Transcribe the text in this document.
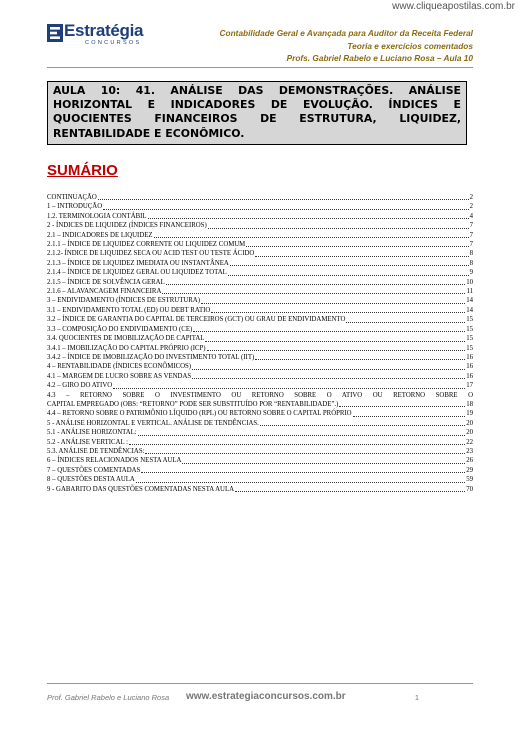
www.cliqueapostilas.com.br
Estratégia
CONCURSOS
Contabilidade Geral e Avançada para Auditor da Receita Federal
Teoria e exercícios comentados
Profs. Gabriel Rabelo e Luciano Rosa – Aula 10
AULA 10: 41. ANÁLISE DAS DEMONSTRAÇÕES. ANÁLISE HORIZONTAL E INDICADORES DE EVOLUÇÃO. ÍNDICES E QUOCIENTES FINANCEIROS DE ESTRUTURA, LIQUIDEZ, RENTABILIDADE E ECONÔMICO.
SUMÁRIO
CONTINUAÇÃO	2
1 – INTRODUÇÃO	2
1.2. TERMINOLOGIA CONTÁBIL	4
2 - ÍNDICES DE LIQUIDEZ (ÍNDICES FINANCEIROS)	7
2.1 – INDICADORES DE LIQUIDEZ	7
2.1.1 – ÍNDICE DE LIQUIDEZ CORRENTE OU LIQUIDEZ COMUM	7
2.1.2- ÍNDICE DE LIQUIDEZ SECA OU ACID TEST OU TESTE ÁCIDO	8
2.1.3 – ÍNDICE DE LIQUIDEZ IMEDIATA OU INSTANTÂNEA	8
2.1.4 – ÍNDICE DE LIQUIDEZ GERAL OU LIQUIDEZ TOTAL	9
2.1.5 – ÍNDICE DE SOLVÊNCIA GERAL	10
2.1.6 – ALAVANCAGEM FINANCEIRA	11
3 – ENDIVIDAMENTO (ÍNDICES DE ESTRUTURA)	14
3.1 – ENDIVIDAMENTO TOTAL (ED) OU DEBT RATIO	14
3.2 – ÍNDICE DE GARANTIA DO CAPITAL DE TERCEIROS (GCT) OU GRAU DE ENDIVIDAMENTO	15
3.3 – COMPOSIÇÃO DO ENDIVIDAMENTO (CE)	15
3.4. QUOCIENTES DE IMOBILIZAÇÃO DE CAPITAL	15
3.4.1 – IMOBILIZAÇÃO DO CAPITAL PRÓPRIO (ICP)	15
3.4.2 – ÍNDICE DE IMOBILIZAÇÃO DO INVESTIMENTO TOTAL (IIT)	16
4 – RENTABILIDADE (ÍNDICES ECONÔMICOS)	16
4.1 – MARGEM DE LUCRO SOBRE AS VENDAS	16
4.2 – GIRO DO ATIVO	17
4.3 – RETORNO SOBRE O INVESTIMENTO OU RETORNO SOBRE O ATIVO OU RETORNO SOBRE O
CAPITAL EMPREGADO (OBS: “RETORNO” PODE SER SUBSTITUÍDO POR “RENTABILIDADE”.)	18
4.4 – RETORNO SOBRE O PATRIMÔNIO LÍQUIDO (RPL) OU RETORNO SOBRE O CAPITAL PRÓPRIO	19
5 - ANÁLISE HORIZONTAL E VERTICAL. ANÁLISE DE TENDÊNCIAS.	20
5.1 - ANÁLISE HORIZONTAL:	20
5.2 - ANÁLISE VERTICAL :	22
5.3. ANÁLISE DE TENDÊNCIAS:	23
6 – ÍNDICES RELACIONADOS NESTA AULA	26
7 – QUESTÕES COMENTADAS	29
8 – QUESTÕES DESTA AULA	59
9 - GABARITO DAS QUESTÕES COMENTADAS NESTA AULA	70
Prof. Gabriel Rabelo e Luciano Rosa www.estrategiaconcursos.com.br	1
